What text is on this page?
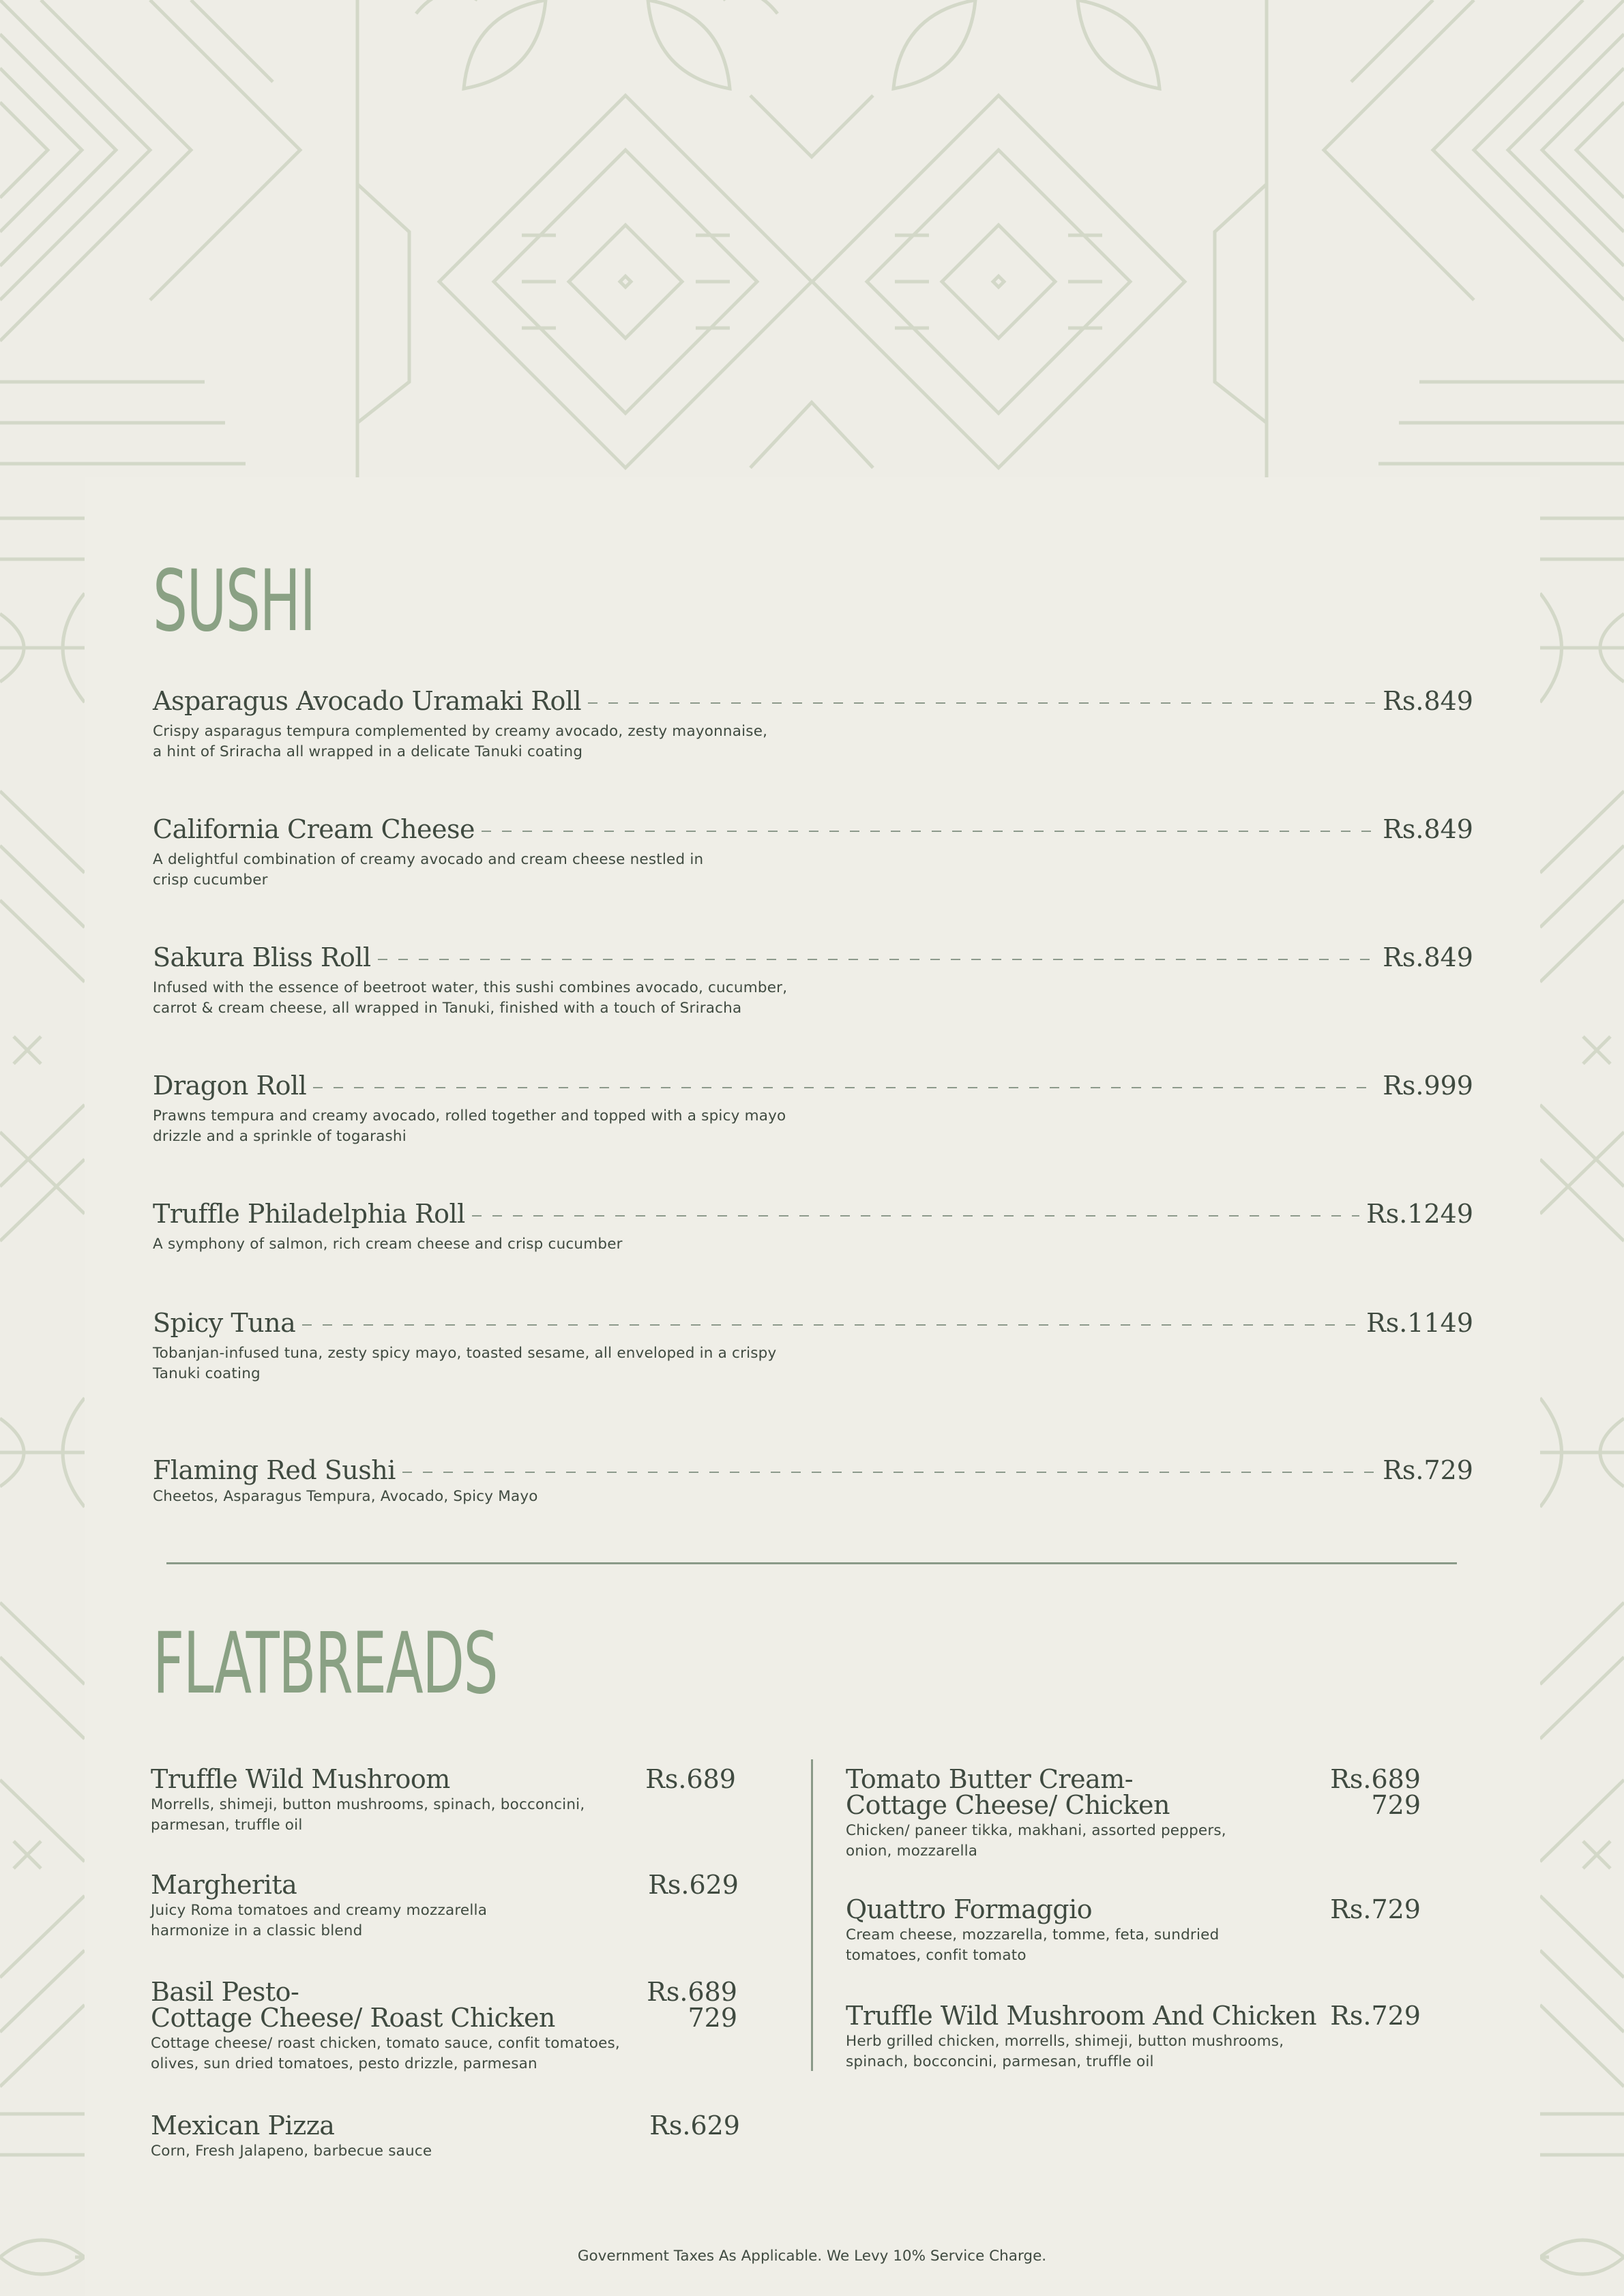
SUSHI
Asparagus Avocado Uramaki Roll	Rs.849
Crispy asparagus tempura complemented by creamy avocado, zesty mayonnaise,
a hint of Sriracha all wrapped in a delicate Tanuki coating
California Cream Cheese	Rs.849
A delightful combination of creamy avocado and cream cheese nestled in
crisp cucumber
Sakura Bliss Roll	Rs.849
Infused with the essence of beetroot water, this sushi combines avocado, cucumber,
carrot & cream cheese, all wrapped in Tanuki, finished with a touch of Sriracha
Dragon Roll	Rs.999
Prawns tempura and creamy avocado, rolled together and topped with a spicy mayo
drizzle and a sprinkle of togarashi
Truffle Philadelphia Roll	Rs.1249
A symphony of salmon, rich cream cheese and crisp cucumber
Spicy Tuna	Rs.1149
Tobanjan-infused tuna, zesty spicy mayo, toasted sesame, all enveloped in a crispy
Tanuki coating
Flaming Red Sushi	Rs.729
Cheetos, Asparagus Tempura, Avocado, Spicy Mayo
FLATBREADS
Truffle Wild Mushroom	Rs.689
Morrells, shimeji, button mushrooms, spinach, bocconcini,
parmesan, truffle oil
Margherita	Rs.629
Juicy Roma tomatoes and creamy mozzarella
harmonize in a classic blend
Basil Pesto-
Cottage Cheese/ Roast Chicken
Rs.689
729
Cottage cheese/ roast chicken, tomato sauce, confit tomatoes,
olives, sun dried tomatoes, pesto drizzle, parmesan
Mexican Pizza	Rs.629
Corn, Fresh Jalapeno, barbecue sauce
Tomato Butter Cream-
Cottage Cheese/ Chicken
Rs.689
729
Chicken/ paneer tikka, makhani, assorted peppers,
onion, mozzarella
Quattro Formaggio	Rs.729
Cream cheese, mozzarella, tomme, feta, sundried
tomatoes, confit tomato
Truffle Wild Mushroom And Chicken Rs.729
Herb grilled chicken, morrells, shimeji, button mushrooms,
spinach, bocconcini, parmesan, truffle oil
Government Taxes As Applicable. We Levy 10% Service Charge.
